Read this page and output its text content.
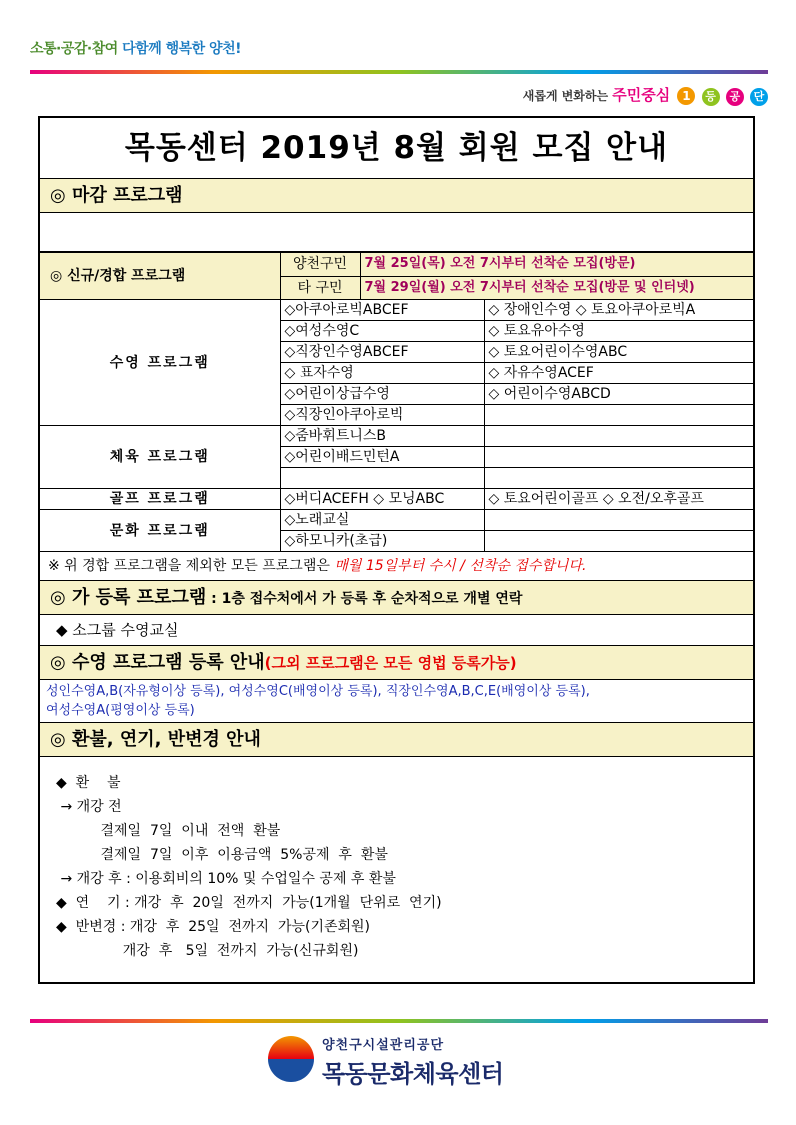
소통·공감·참여 다함께 행복한 양천!
새롭게 변화하는 주민중심 1 등 공 단
목동센터 2019년 8월 회원 모집 안내
◎ 마감 프로그램
◎ 신규/경합 프로그램	양천구민	7월 25일(목) 오전 7시부터 선착순 모집(방문)	
	타 구민	7월 29일(월) 오전 7시부터 선착순 모집(방문 및 인터넷)	
수영 프로그램	◇아쿠아로빅ABCEF		◇ 장애인수영 ◇ 토요아쿠아로빅A
	◇여성수영C		◇ 토요유아수영
	◇직장인수영ABCEF		◇ 토요어린이수영ABC
	◇ 표자수영		◇ 자유수영ACEF
	◇어린이상급수영		◇ 어린이수영ABCD
	◇직장인아쿠아로빅		
체육 프로그램	◇줌바휘트니스B		
	◇어린이배드민턴A		

골프 프로그램	◇버디ACEFH ◇ 모닝ABC		◇ 토요어린이골프 ◇ 오전/오후골프
문화 프로그램	◇노래교실		
	◇하모니카(초급)		
※ 위 경합 프로그램을 제외한 모든 프로그램은 매월 15일부터 수시 / 선착순 접수합니다.
◎ 가 등록 프로그램 : 1층 접수처에서 가 등록 후 순차적으로 개별 연락
◆ 소그룹 수영교실
◎ 수영 프로그램 등록 안내(그외 프로그램은 모든 영법 등록가능)
성인수영A,B(자유형이상 등록), 여성수영C(배영이상 등록), 직장인수영A,B,C,E(배영이상 등록),
여성수영A(평영이상 등록)
◎ 환불, 연기, 반변경 안내
◆  환    불
→ 개강 전
결제일  7일  이내  전액  환불
결제일  7일  이후  이용금액  5%공제  후  환불
→ 개강 후 : 이용회비의 10% 및 수업일수 공제 후 환불
◆  연    기 : 개강  후  20일  전까지  가능(1개월  단위로  연기)
◆  반변경 : 개강  후  25일  전까지  가능(기존회원)
개강  후   5일  전까지  가능(신규회원)
양천구시설관리공단
목동문화체육센터
